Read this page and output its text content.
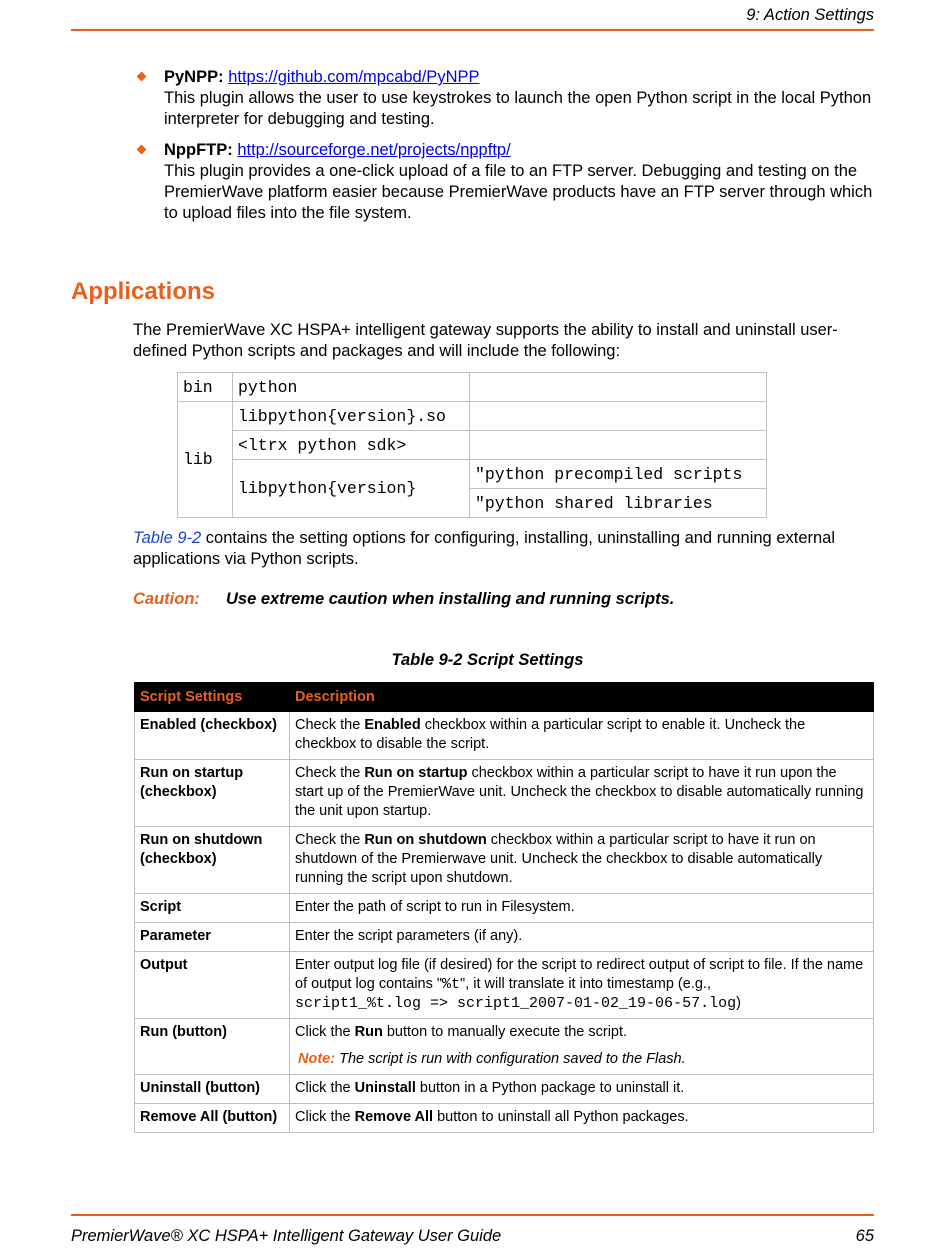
9: Action Settings
PyNPP: https://github.com/mpcabd/PyNPP
This plugin allows the user to use keystrokes to launch the open Python script in the local Python interpreter for debugging and testing.
NppFTP: http://sourceforge.net/projects/nppftp/
This plugin provides a one-click upload of a file to an FTP server. Debugging and testing on the PremierWave platform easier because PremierWave products have an FTP server through which to upload files into the file system.
Applications
The PremierWave XC HSPA+ intelligent gateway supports the ability to install and uninstall user-defined Python scripts and packages and will include the following:
bin	python	
lib	libpython{version}.so	
	<ltrx python sdk>	
	libpython{version}	"python precompiled scripts
		"python shared libraries
Table 9-2 contains the setting options for configuring, installing, uninstalling and running external applications via Python scripts.
Caution: Use extreme caution when installing and running scripts.
Table 9-2 Script Settings
Script Settings	Description
Enabled (checkbox)	Check the Enabled checkbox within a particular script to enable it. Uncheck the checkbox to disable the script.
Run on startup (checkbox)	Check the Run on startup checkbox within a particular script to have it run upon the start up of the PremierWave unit. Uncheck the checkbox to disable automatically running the unit upon startup.
Run on shutdown (checkbox)	Check the Run on shutdown checkbox within a particular script to have it run on shutdown of the Premierwave unit. Uncheck the checkbox to disable automatically running the script upon shutdown.
Script	Enter the path of script to run in Filesystem.
Parameter	Enter the script parameters (if any).
Output	Enter output log file (if desired) for the script to redirect output of script to file. If the name of output log contains "%t", it will translate it into timestamp (e.g.,
script1_%t.log => script1_2007-01-02_19-06-57.log)
Run (button)	Click the Run button to manually execute the script.
Note: The script is run with configuration saved to the Flash.

Uninstall (button)	Click the Uninstall button in a Python package to uninstall it.
Remove All (button)	Click the Remove All button to uninstall all Python packages.
PremierWave® XC HSPA+ Intelligent Gateway User Guide	65
